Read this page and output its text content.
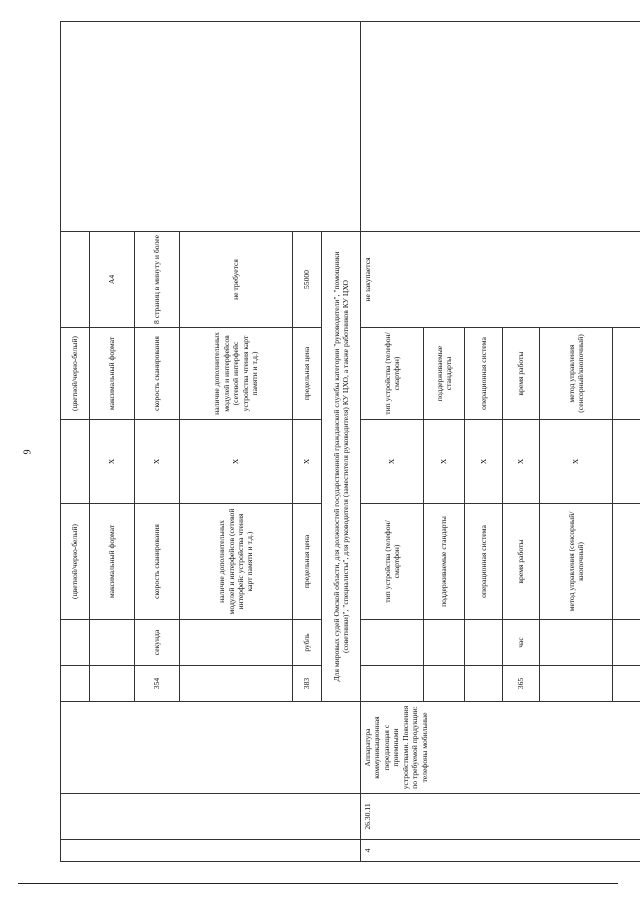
9
					(цветной/черно-белый)		(цветной/черно-белый)		
					максимальный формат	X	максимальный формат	A4	
			354	секунда	скорость сканирования	X	скорость сканирования	8 страниц в минуту и более	
					наличие дополнительных модулей и интерфейсов (сетевой интерфейс устройства чтения карт памяти и т.д.)	X	наличие дополнительных модулей и интерфейсов (сетевой интерфейс устройства чтения карт памяти и т.д.)	не требуется	
			383	рубль	предельная цена	X	предельная цена	55000	
			Для мировых судей Омской области, для должностей государственной гражданской службы категории "руководители", "помощники (советники)", "специалисты", для руководителя (заместителя руководителя) КУ ЦХО, а также работников КУ ЦХО						
4	26.30.11	Аппаратура коммуникационная передающая с приемными устройствами. Пояснения по требуемой продукции: телефоны мобильные			тип устройства (телефон/смартфон)	X	тип устройства (телефон/смартфон)	не закупается	
					поддерживаемые стандарты	X	поддерживаемые стандарты		
					операционная система	X	операционная система		
			365	час	время работы	X	время работы		
					метод управления (сенсорный/кнопочный)	X	метод управления (сенсорный/кнопочный)		
